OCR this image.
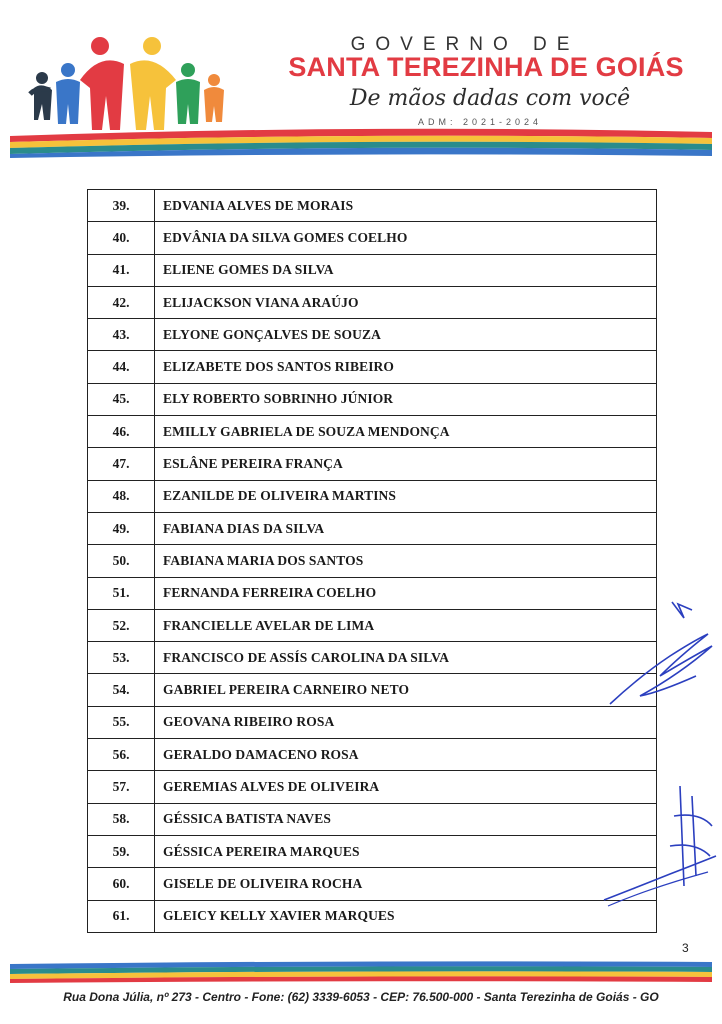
GOVERNO DE
SANTA TEREZINHA DE GOIÁS
De mãos dadas com você
ADM: 2021-2024
39.	EDVANIA ALVES DE MORAIS
40.	EDVÂNIA DA SILVA GOMES COELHO
41.	ELIENE GOMES DA SILVA
42.	ELIJACKSON VIANA ARAÚJO
43.	ELYONE GONÇALVES DE SOUZA
44.	ELIZABETE DOS SANTOS RIBEIRO
45.	ELY ROBERTO SOBRINHO JÚNIOR
46.	EMILLY GABRIELA DE SOUZA MENDONÇA
47.	ESLÂNE PEREIRA FRANÇA
48.	EZANILDE DE OLIVEIRA MARTINS
49.	FABIANA DIAS DA SILVA
50.	FABIANA MARIA DOS SANTOS
51.	FERNANDA FERREIRA COELHO
52.	FRANCIELLE AVELAR DE LIMA
53.	FRANCISCO DE ASSÍS CAROLINA DA SILVA
54.	GABRIEL PEREIRA CARNEIRO NETO
55.	GEOVANA RIBEIRO ROSA
56.	GERALDO DAMACENO ROSA
57.	GEREMIAS ALVES DE OLIVEIRA
58.	GÉSSICA BATISTA NAVES
59.	GÉSSICA PEREIRA MARQUES
60.	GISELE DE OLIVEIRA ROCHA
61.	GLEICY KELLY XAVIER MARQUES
3
Rua Dona Júlia, nº 273 - Centro - Fone: (62) 3339-6053 - CEP: 76.500-000 - Santa Terezinha de Goiás - GO
